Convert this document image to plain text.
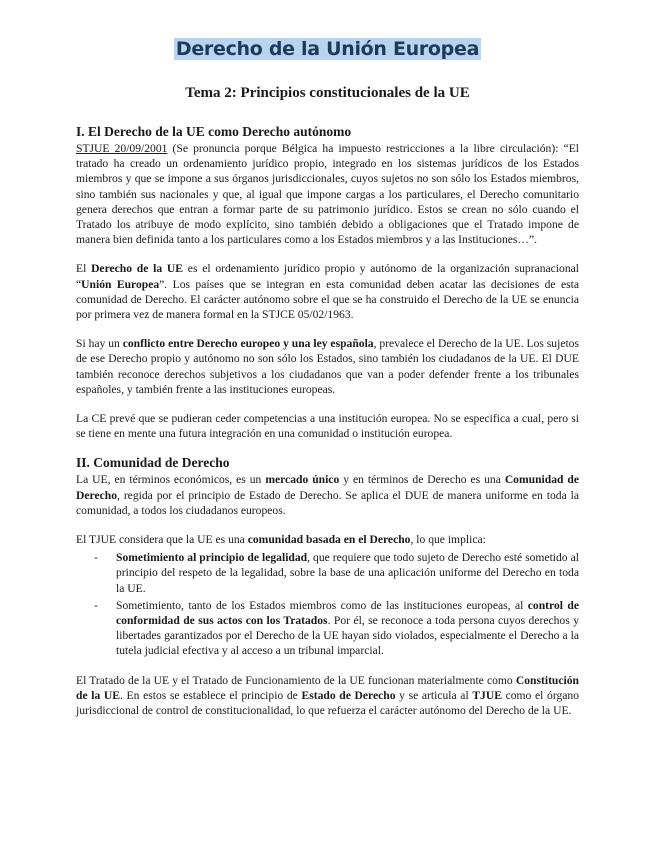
Derecho de la Unión Europea
Tema 2: Principios constitucionales de la UE
I. El Derecho de la UE como Derecho autónomo

STJUE 20/09/2001 (Se pronuncia porque Bélgica ha impuesto restricciones a la libre circulación): “El tratado ha creado un ordenamiento jurídico propio, integrado en los sistemas jurídicos de los Estados miembros y que se impone a sus órganos jurisdiccionales, cuyos sujetos no son sólo los Estados miembros, sino también sus nacionales y que, al igual que impone cargas a los particulares, el Derecho comunitario genera derechos que entran a formar parte de su patrimonio jurídico. Estos se crean no sólo cuando el Tratado los atribuye de modo explícito, sino también debido a obligaciones que el Tratado impone de manera bien definida tanto a los particulares como a los Estados miembros y a las Instituciones…”.

El Derecho de la UE es el ordenamiento jurídico propio y autónomo de la organización supranacional “Unión Europea”. Los países que se integran en esta comunidad deben acatar las decisiones de esta comunidad de Derecho. El carácter autónomo sobre el que se ha construido el Derecho de la UE se enuncia por primera vez de manera formal en la STJCE 05/02/1963.

Si hay un conflicto entre Derecho europeo y una ley española, prevalece el Derecho de la UE. Los sujetos de ese Derecho propio y autónomo no son sólo los Estados, sino también los ciudadanos de la UE. El DUE también reconoce derechos subjetivos a los ciudadanos que van a poder defender frente a los tribunales españoles, y también frente a las instituciones europeas.

La CE prevé que se pudieran ceder competencias a una institución europea. No se especifica a cual, pero si se tiene en mente una futura integración en una comunidad o institución europea.

II. Comunidad de Derecho

La UE, en términos económicos, es un mercado único y en términos de Derecho es una Comunidad de Derecho, regida por el principio de Estado de Derecho. Se aplica el DUE de manera uniforme en toda la comunidad, a todos los ciudadanos europeos.

El TJUE considera que la UE es una comunidad basada en el Derecho, lo que implica:

- Sometimiento al principio de legalidad, que requiere que todo sujeto de Derecho esté sometido al principio del respeto de la legalidad, sobre la base de una aplicación uniforme del Derecho en toda la UE.
- Sometimiento, tanto de los Estados miembros como de las instituciones europeas, al control de conformidad de sus actos con los Tratados. Por él, se reconoce a toda persona cuyos derechos y libertades garantizados por el Derecho de la UE hayan sido violados, especialmente el Derecho a la tutela judicial efectiva y al acceso a un tribunal imparcial.

El Tratado de la UE y el Tratado de Funcionamiento de la UE funcionan materialmente como Constitución de la UE. En estos se establece el principio de Estado de Derecho y se articula al TJUE como el órgano jurisdiccional de control de constitucionalidad, lo que refuerza el carácter autónomo del Derecho de la UE.
